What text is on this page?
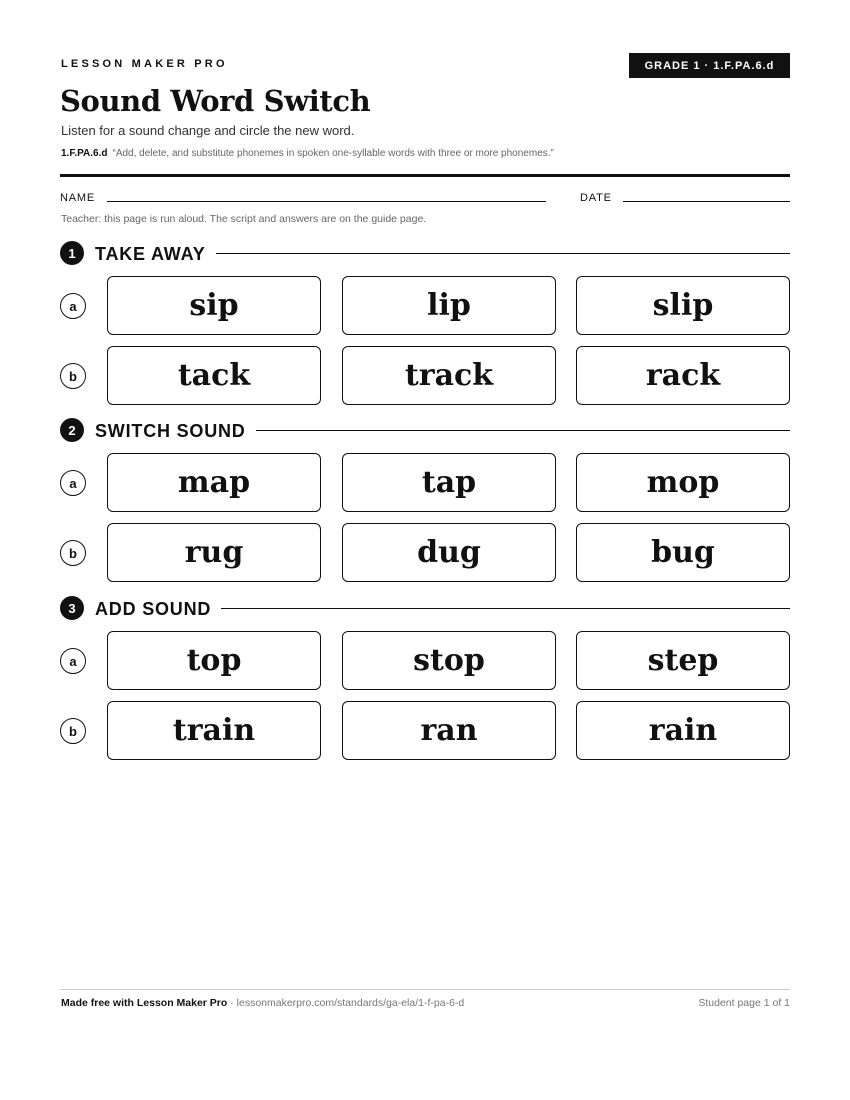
LESSON MAKER PRO	GRADE 1 · 1.F.PA.6.d
Sound Word Switch
Listen for a sound change and circle the new word.
1.F.PA.6.d “Add, delete, and substitute phonemes in spoken one-syllable words with three or more phonemes.”
NAME	DATE
Teacher: this page is run aloud. The script and answers are on the guide page.
1	TAKE AWAY
a	sip	lip	slip
b	tack	track	rack
2	SWITCH SOUND
a	map	tap	mop
b	rug	dug	bug
3	ADD SOUND
a	top	stop	step
b	train	ran	rain
Made free with Lesson Maker Pro · lessonmakerpro.com/standards/ga-ela/1-f-pa-6-d	Student page 1 of 1
